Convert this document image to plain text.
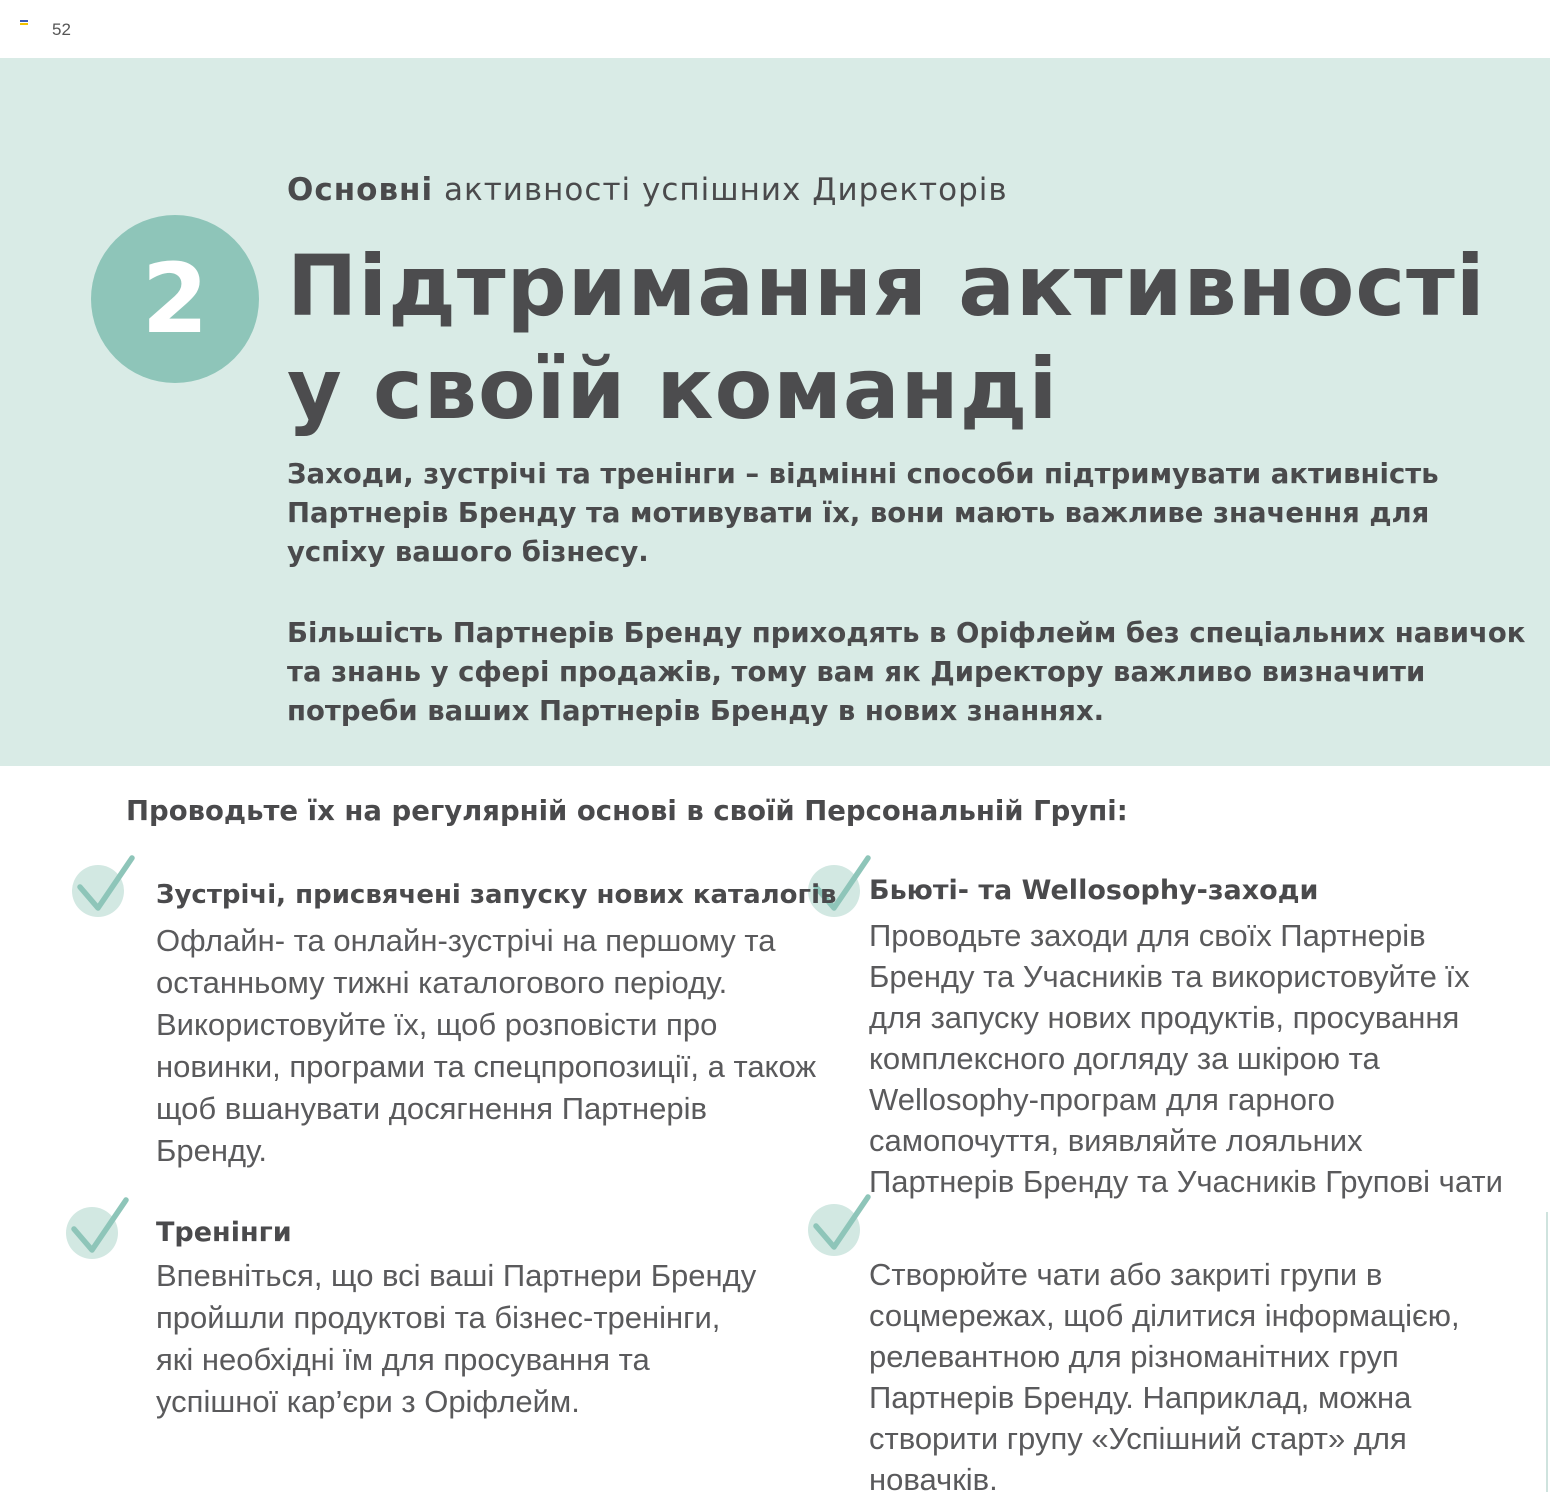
52
2
Основні активності успішних Директорів
Підтримання активності у своїй команді

Заходи, зустрічі та тренінги – відмінні способи підтримувати активність Партнерів Бренду та мотивувати їх, вони мають важливе значення для успіху вашого бізнесу.

Більшість Партнерів Бренду приходять в Оріфлейм без спеціальних навичок та знань у сфері продажів, тому вам як Директору важливо визначити потреби ваших Партнерів Бренду в нових знаннях.

Проводьте їх на регулярній основі в своїй Персональній Групі:
Зустрічі, присвячені запуску нових каталогів

Офлайн- та онлайн-зустрічі на першому та останньому тижні каталогового періоду. Використовуйте їх, щоб розповісти про новинки, програми та спецпропозиції, а також щоб вшанувати досягнення Партнерів Бренду.

Тренінги

Впевніться, що всі ваші Партнери Бренду пройшли продуктові та бізнес-тренінги, які необхідні їм для просування та успішної кар’єри з Оріфлейм.

Бьюті- та Wellosophy-заходи

Проводьте заходи для своїх Партнерів Бренду та Учасників та використовуйте їх для запуску нових продуктів, просування комплексного догляду за шкірою та Wellosophy-програм для гарного самопочуття, виявляйте лояльних Партнерів Бренду та Учасників Групові чати

Створюйте чати або закриті групи в соцмережах, щоб ділитися інформацією, релевантною для різноманітних груп Партнерів Бренду. Наприклад, можна створити групу «Успішний старт» для новачків.
